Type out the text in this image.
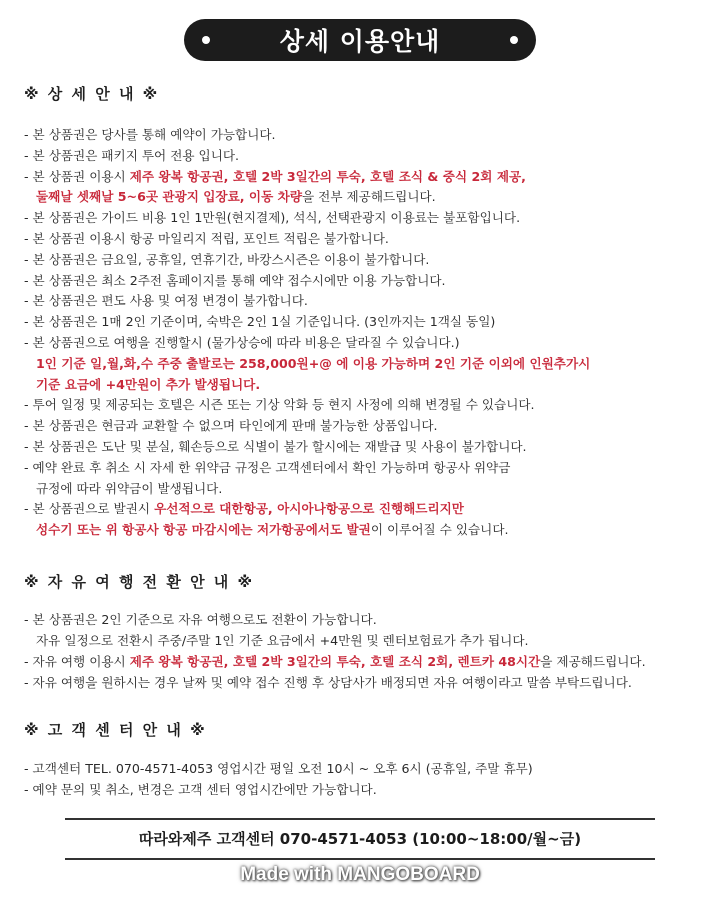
상세 이용안내
※ 상 세 안 내 ※
- 본 상품권은 당사를 통해 예약이 가능합니다.
- 본 상품권은 패키지 투어 전용 입니다.
- 본 상품권 이용시 제주 왕복 항공권, 호텔 2박 3일간의 투숙, 호텔 조식 & 중식 2회 제공,
둘째날 셋째날 5~6곳 관광지 입장료, 이동 차량을 전부 제공해드립니다.
- 본 상품권은 가이드 비용 1인 1만원(현지결제), 석식, 선택관광지 이용료는 불포함입니다.
- 본 상품권 이용시 항공 마일리지 적립, 포인트 적립은 불가합니다.
- 본 상품권은 금요일, 공휴일, 연휴기간, 바캉스시즌은 이용이 불가합니다.
- 본 상품권은 최소 2주전 홈페이지를 통해 예약 접수시에만 이용 가능합니다.
- 본 상품권은 편도 사용 및 여정 변경이 불가합니다.
- 본 상품권은 1매 2인 기준이며, 숙박은 2인 1실 기준입니다. (3인까지는 1객실 동일)
- 본 상품권으로 여행을 진행할시 (물가상승에 따라 비용은 달라질 수 있습니다.)
1인 기준 일,월,화,수 주중 출발로는 258,000원+@ 에 이용 가능하며 2인 기준 이외에 인원추가시
기준 요금에 +4만원이 추가 발생됩니다.
- 투어 일정 및 제공되는 호텔은 시즌 또는 기상 악화 등 현지 사정에 의해 변경될 수 있습니다.
- 본 상품권은 현금과 교환할 수 없으며 타인에게 판매 불가능한 상품입니다.
- 본 상품권은 도난 및 분실, 훼손등으로 식별이 불가 할시에는 재발급 및 사용이 불가합니다.
- 예약 완료 후 취소 시 자세 한 위약금 규정은 고객센터에서 확인 가능하며 항공사 위약금
규정에 따라 위약금이 발생됩니다.
- 본 상품권으로 발권시 우선적으로 대한항공, 아시아나항공으로 진행해드리지만
성수기 또는 위 항공사 항공 마감시에는 저가항공에서도 발권이 이루어질 수 있습니다.
※ 자 유 여 행 전 환 안 내 ※
- 본 상품권은 2인 기준으로 자유 여행으로도 전환이 가능합니다.
자유 일정으로 전환시 주중/주말 1인 기준 요금에서 +4만원 및 렌터보험료가 추가 됩니다.
- 자유 여행 이용시 제주 왕복 항공권, 호텔 2박 3일간의 투숙, 호텔 조식 2회, 렌트카 48시간을 제공해드립니다.
- 자유 여행을 원하시는 경우 날짜 및 예약 접수 진행 후 상담사가 배정되면 자유 여행이라고 말씀 부탁드립니다.
※ 고 객 센 터 안 내 ※
- 고객센터 TEL. 070-4571-4053 영업시간 평일 오전 10시 ~ 오후 6시 (공휴일, 주말 휴무)
- 예약 문의 및 취소, 변경은 고객 센터 영업시간에만 가능합니다.
따라와제주 고객센터 070-4571-4053 (10:00~18:00/월~금)
Made with MANGOBOARD
